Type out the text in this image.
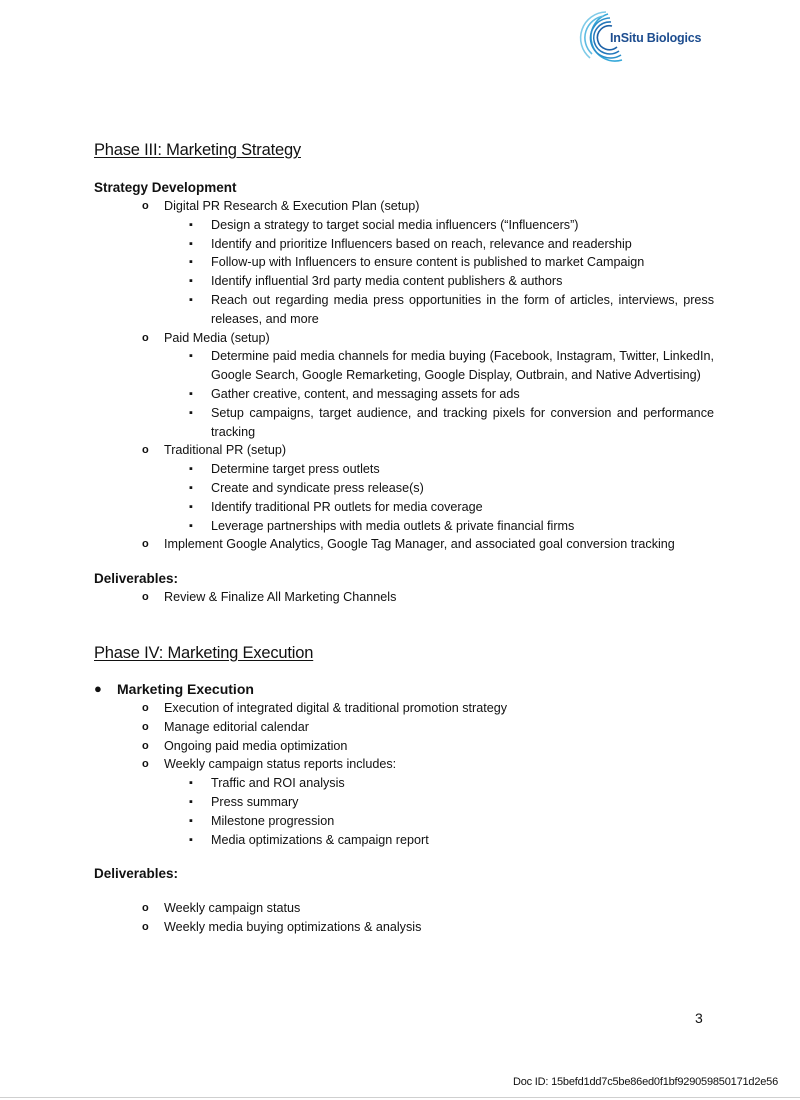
InSitu Biologics
Phase III: Marketing Strategy

Strategy Development

o Digital PR Research & Execution Plan (setup)
▪ Design a strategy to target social media influencers (“Influencers”)
▪ Identify and prioritize Influencers based on reach, relevance and readership
▪ Follow-up with Influencers to ensure content is published to market Campaign
▪ Identify influential 3rd party media content publishers & authors
▪ Reach out regarding media press opportunities in the form of articles, interviews, press releases, and more
o Paid Media (setup)
▪ Determine paid media channels for media buying (Facebook, Instagram, Twitter, LinkedIn, Google Search, Google Remarketing, Google Display, Outbrain, and Native Advertising)
▪ Gather creative, content, and messaging assets for ads
▪ Setup campaigns, target audience, and tracking pixels for conversion and performance tracking
o Traditional PR (setup)
▪ Determine target press outlets
▪ Create and syndicate press release(s)
▪ Identify traditional PR outlets for media coverage
▪ Leverage partnerships with media outlets & private financial firms
o Implement Google Analytics, Google Tag Manager, and associated goal conversion tracking

Deliverables:

o Review & Finalize All Marketing Channels
Phase IV: Marketing Execution
● Marketing Execution
o Execution of integrated digital & traditional promotion strategy
o Manage editorial calendar
o Ongoing paid media optimization
o Weekly campaign status reports includes:
▪ Traffic and ROI analysis
▪ Press summary
▪ Milestone progression
▪ Media optimizations & campaign report

Deliverables:

o Weekly campaign status
o Weekly media buying optimizations & analysis
3
Doc ID: 15befd1dd7c5be86ed0f1bf929059850171d2e56
